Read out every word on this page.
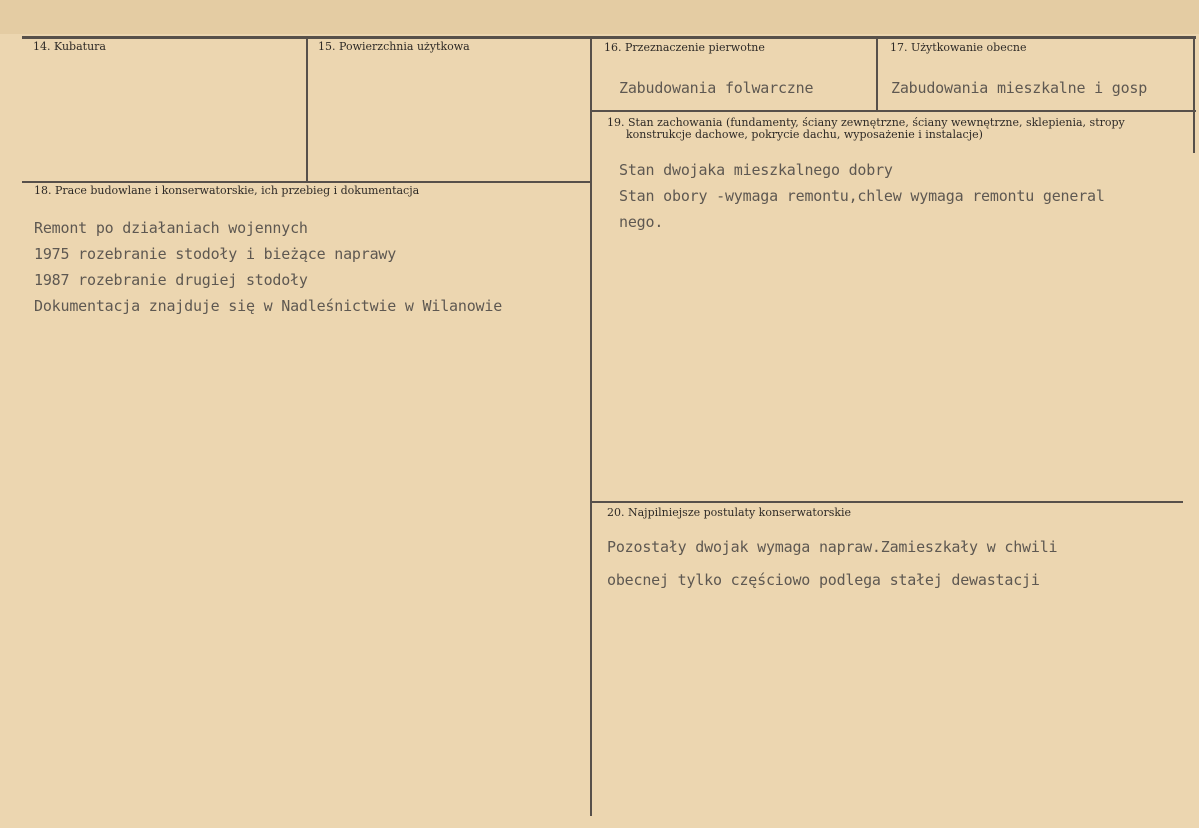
14. Kubatura	15. Powierzchnia użytkowa	16. Przeznaczenie pierwotne
Zabudowania folwarczne
17. Użytkowanie obecne
Zabudowania mieszkalne i gosp
18. Prace budowlane i konserwatorskie, ich przebieg i dokumentacja
Remont po działaniach wojennych
1975 rozebranie stodoły i bieżące naprawy
1987 rozebranie drugiej stodoły
Dokumentacja znajduje się w Nadleśnictwie w Wilanowie
19. Stan zachowania (fundamenty, ściany zewnętrzne, ściany wewnętrzne, sklepienia, stropy
konstrukcje dachowe, pokrycie dachu, wyposażenie i instalacje)
Stan dwojaka mieszkalnego dobry
Stan obory -wymaga remontu,chlew wymaga remontu general
nego.
20. Najpilniejsze postulaty konserwatorskie
Pozostały dwojak wymaga napraw.Zamieszkały w chwili
obecnej tylko częściowo podlega stałej dewastacji
